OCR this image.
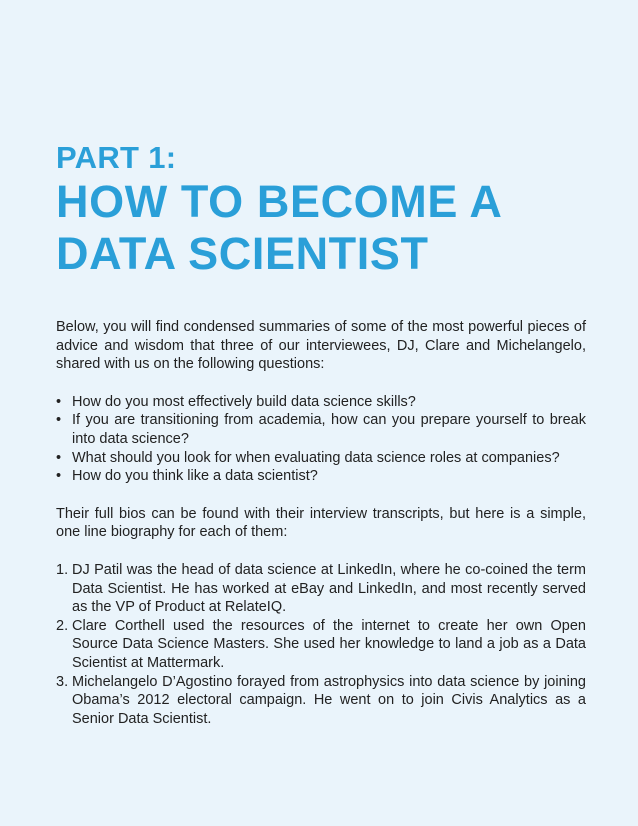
PART 1:

HOW TO BECOME A

DATA SCIENTIST

Below, you will find condensed summaries of some of the most powerful pieces of advice and wisdom that three of our interviewees, DJ, Clare and Michelangelo, shared with us on the following questions:

• How do you most effectively build data science skills?
• If you are transitioning from academia, how can you prepare yourself to break into data science?
• What should you look for when evaluating data science roles at companies?
• How do you think like a data scientist?

Their full bios can be found with their interview transcripts, but here is a simple, one line biography for each of them:

1. DJ Patil was the head of data science at LinkedIn, where he co-coined the term Data Scientist. He has worked at eBay and LinkedIn, and most recently served as the VP of Product at RelateIQ.
2. Clare Corthell used the resources of the internet to create her own Open Source Data Science Masters. She used her knowledge to land a job as a Data Scientist at Mattermark.
3. Michelangelo D’Agostino forayed from astrophysics into data science by joining Obama’s 2012 electoral campaign. He went on to join Civis Analytics as a Senior Data Scientist.
